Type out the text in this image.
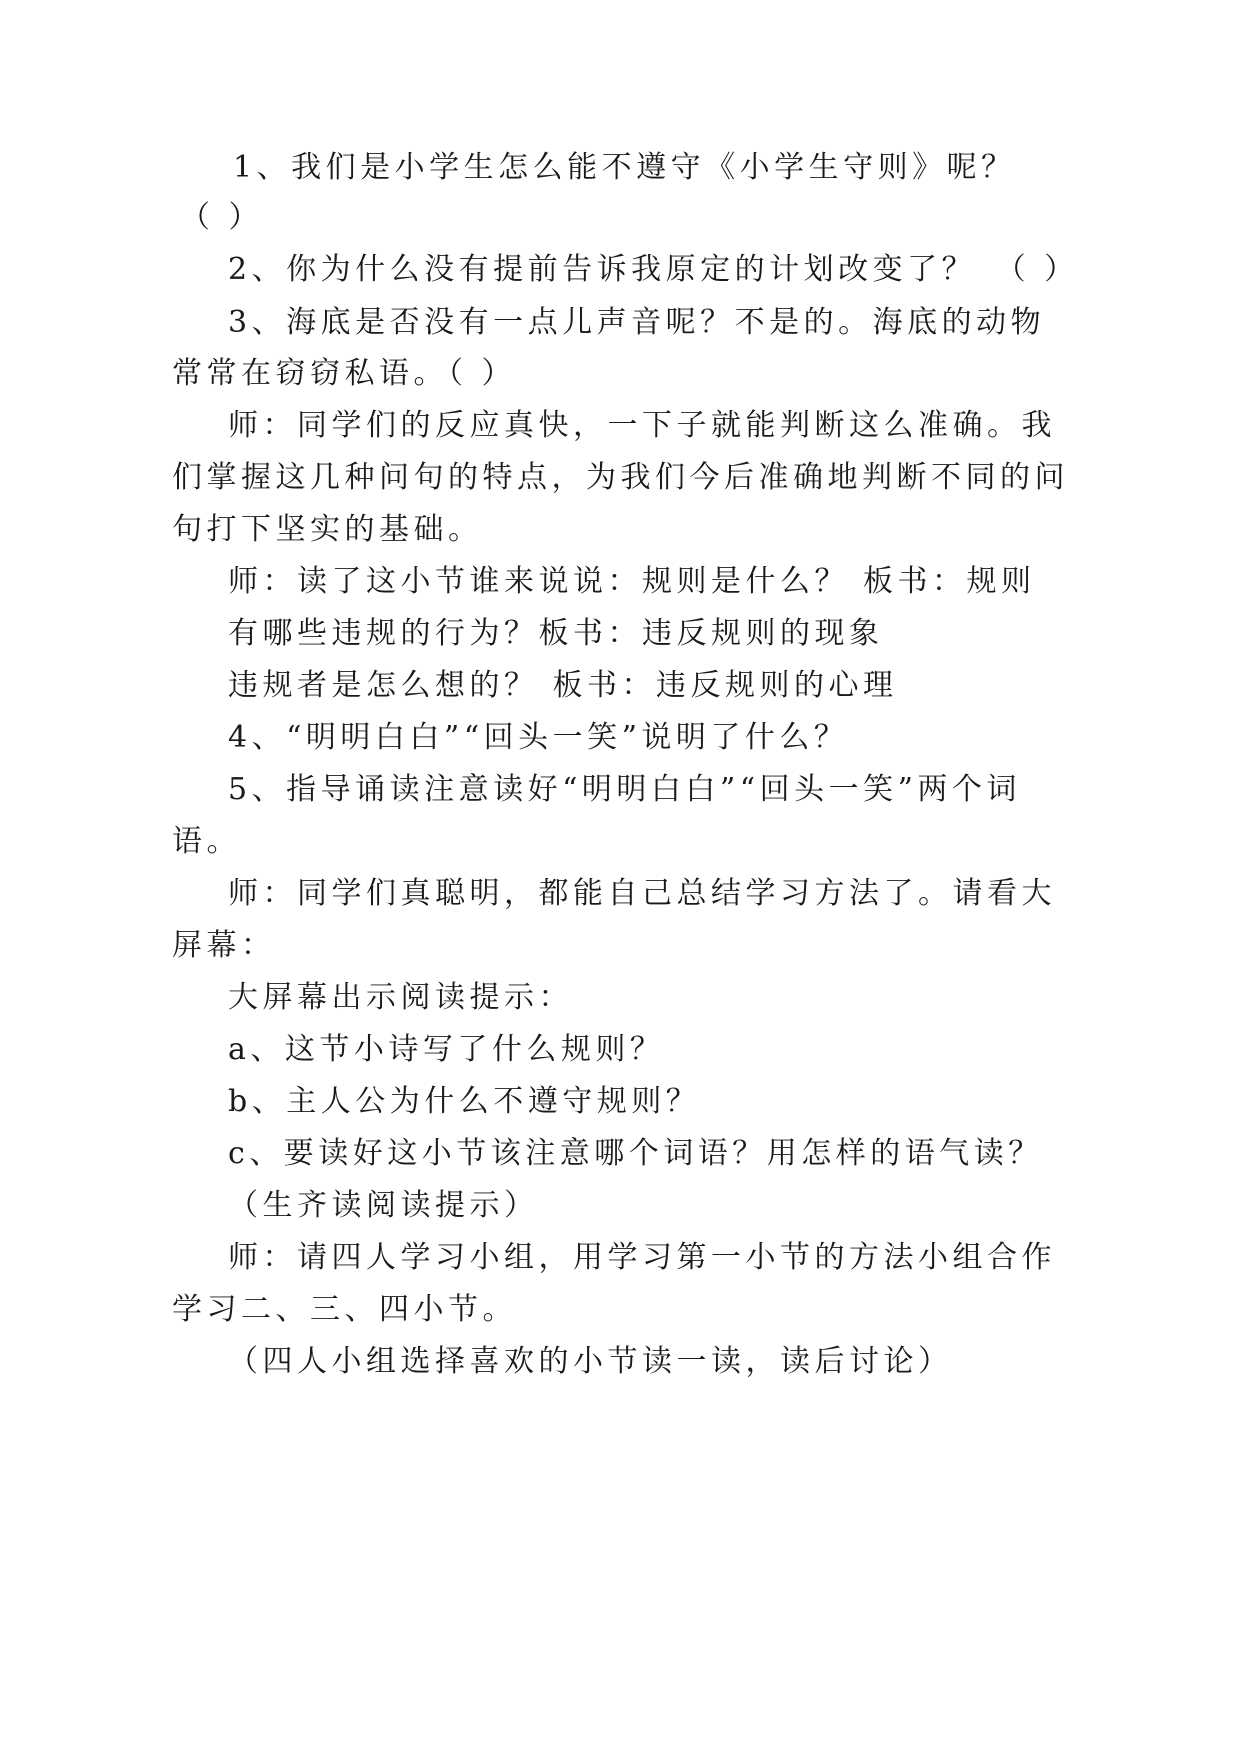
1、我们是小学生怎么能不遵守《小学生守则》呢？
（ ）
2、你为什么没有提前告诉我原定的计划改变了？　（ ）
3、海底是否没有一点儿声音呢？不是的。海底的动物
常常在窃窃私语。（ ）
师：同学们的反应真快，一下子就能判断这么准确。我
们掌握这几种问句的特点，为我们今后准确地判断不同的问
句打下坚实的基础。
师：读了这小节谁来说说：规则是什么？ 板书：规则
有哪些违规的行为？板书：违反规则的现象
违规者是怎么想的？ 板书：违反规则的心理
4、“明明白白”“回头一笑”说明了什么？
5、指导诵读注意读好“明明白白”“回头一笑”两个词
语。
师：同学们真聪明，都能自己总结学习方法了。请看大
屏幕：
大屏幕出示阅读提示：
a、这节小诗写了什么规则？
b、主人公为什么不遵守规则？
c、要读好这小节该注意哪个词语？用怎样的语气读？
（生齐读阅读提示）
师：请四人学习小组，用学习第一小节的方法小组合作
学习二、三、四小节。
（四人小组选择喜欢的小节读一读，读后讨论）
